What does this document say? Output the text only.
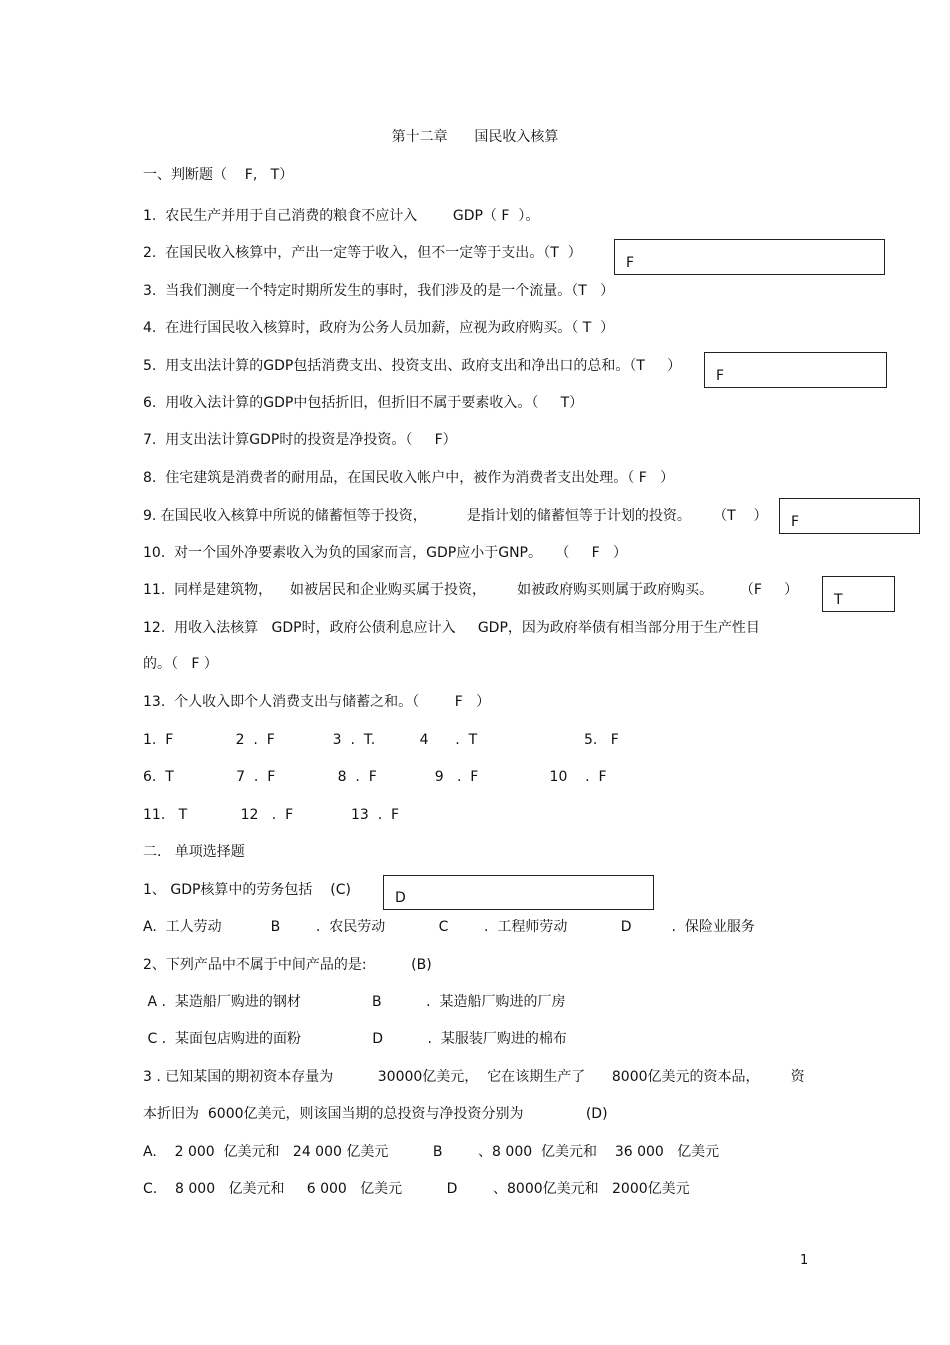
第十二章      国民收入核算
一、判断题（    F,   T）
1.  农民生产并用于自己消费的粮食不应计入        GDP（ F  ）。
2.  在国民收入核算中，产出一定等于收入，但不一定等于支出。（T  ）
3.  当我们测度一个特定时期所发生的事时，我们涉及的是一个流量。（T   ）
4.  在进行国民收入核算时，政府为公务人员加薪，应视为政府购买。（ T  ）
5.  用支出法计算的GDP包括消费支出、投资支出、政府支出和净出口的总和。（T     ）
6.  用收入法计算的GDP中包括折旧，但折旧不属于要素收入。（     T）
7.  用支出法计算GDP时的投资是净投资。（     F）
8.  住宅建筑是消费者的耐用品，在国民收入帐户中，被作为消费者支出处理。（ F   ）
9. 在国民收入核算中所说的储蓄恒等于投资，         是指计划的储蓄恒等于计划的投资。     （T    ）
10.  对一个国外净要素收入为负的国家而言，GDP应小于GNP。   （     F   ）
11.  同样是建筑物，    如被居民和企业购买属于投资，       如被政府购买则属于政府购买。      （F     ）
12.  用收入法核算   GDP时，政府公债利息应计入     GDP，因为政府举债有相当部分用于生产性目
的。（   F ）
13.  个人收入即个人消费支出与储蓄之和。（        F   ）
1.  F              2  .  F             3  .  T.          4      .  T                        5.   F
6.  T              7  .  F              8  .  F             9   .  F                10    .  F
11.   T            12   .  F             13  .  F
二.   单项选择题
1、 GDP核算中的劳务包括    (C)
A.  工人劳动           B        .  农民劳动            C        .  工程师劳动            D         .  保险业服务
2、下列产品中不属于中间产品的是:          (B)
A .  某造船厂购进的钢材                B          .  某造船厂购进的厂房
C .  某面包店购进的面粉                D          .  某服装厂购进的棉布
3 . 已知某国的期初资本存量为          30000亿美元，  它在该期生产了      8000亿美元的资本品，       资
本折旧为  6000亿美元，则该国当期的总投资与净投资分别为              (D)
A.    2 000  亿美元和   24 000 亿美元          B        、8 000  亿美元和    36 000   亿美元
C.    8 000   亿美元和     6 000   亿美元          D        、8000亿美元和   2000亿美元
F
F
F
T
D
1
